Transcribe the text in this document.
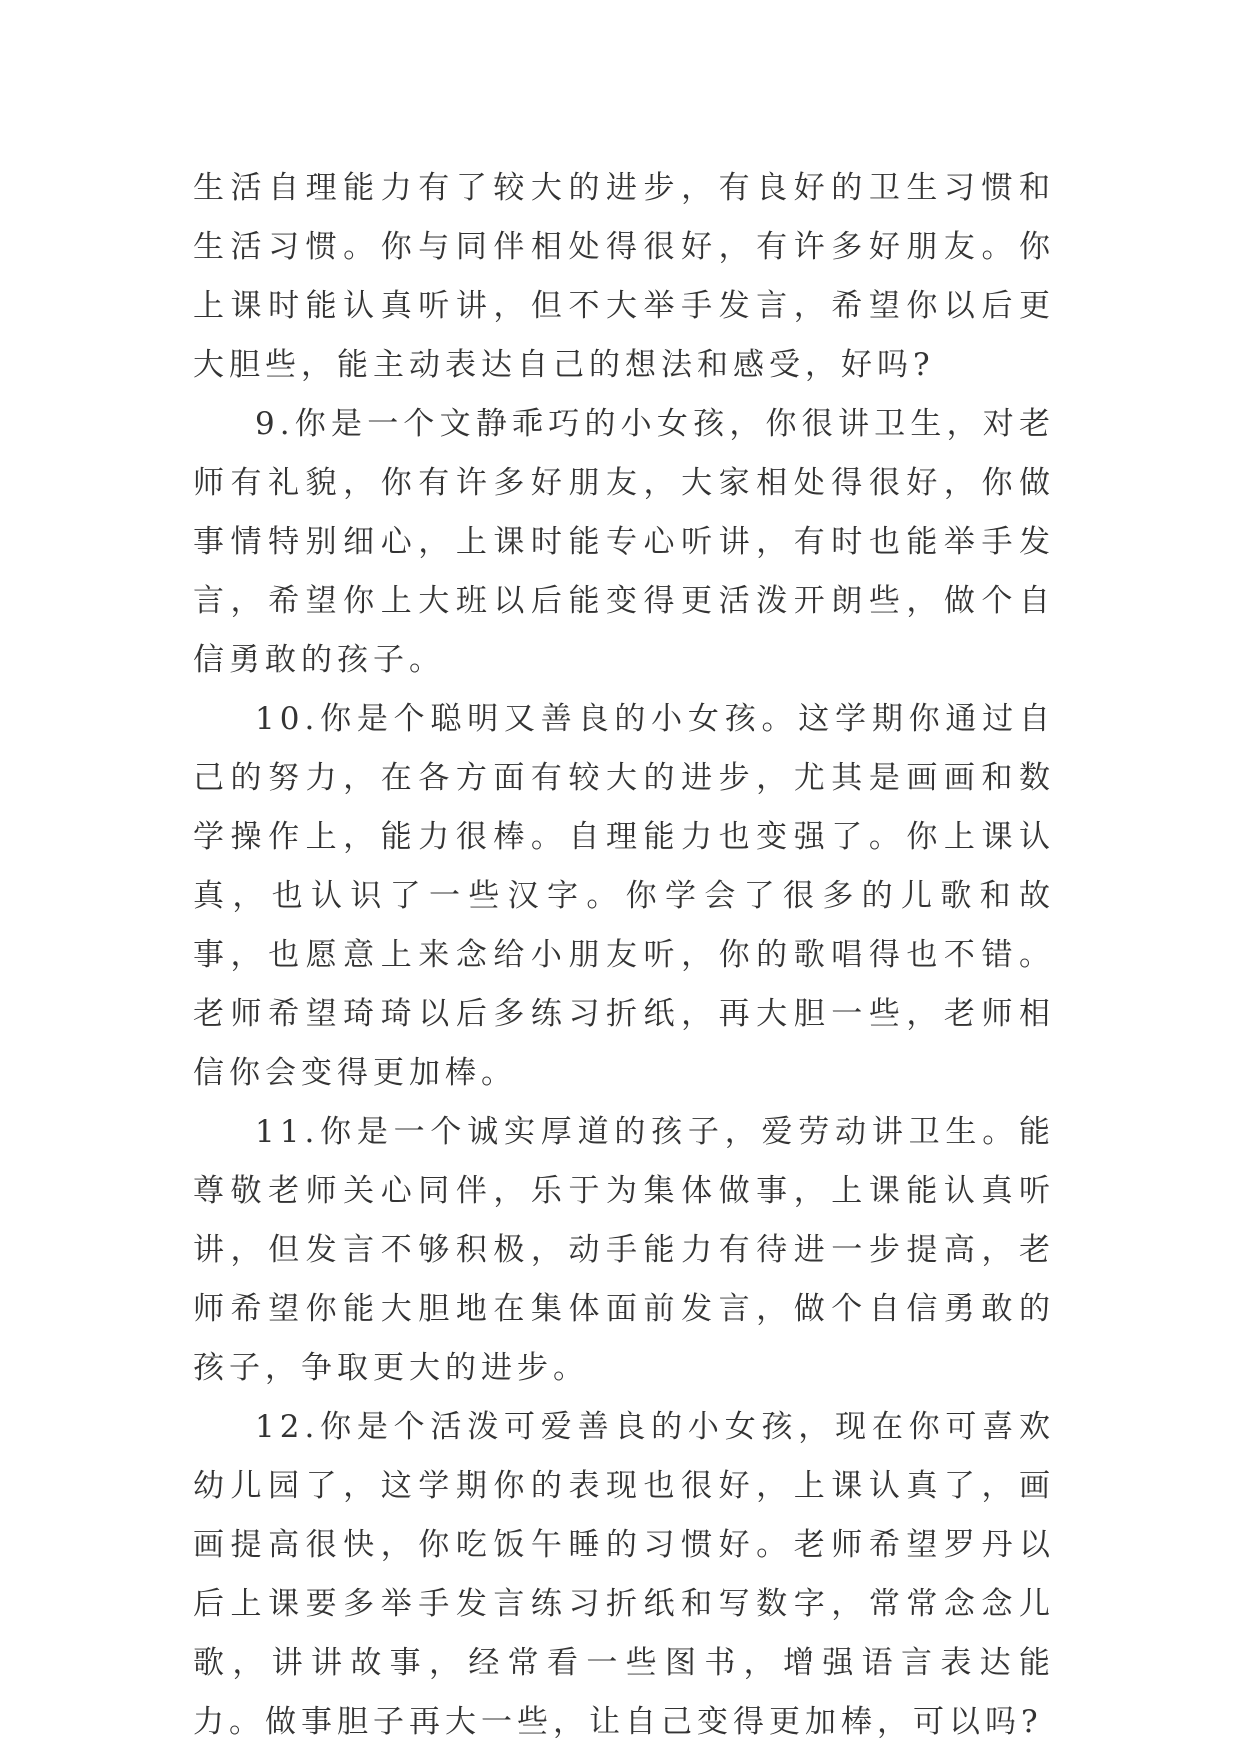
生活自理能力有了较大的进步，有良好的卫生习惯和生活习惯。你与同伴相处得很好，有许多好朋友。你上课时能认真听讲，但不大举手发言，希望你以后更大胆些，能主动表达自己的想法和感受，好吗?

9.你是一个文静乖巧的小女孩，你很讲卫生，对老师有礼貌，你有许多好朋友，大家相处得很好，你做事情特别细心，上课时能专心听讲，有时也能举手发言，希望你上大班以后能变得更活泼开朗些，做个自信勇敢的孩子。

10.你是个聪明又善良的小女孩。这学期你通过自己的努力，在各方面有较大的进步，尤其是画画和数学操作上，能力很棒。自理能力也变强了。你上课认真，也认识了一些汉字。你学会了很多的儿歌和故事，也愿意上来念给小朋友听，你的歌唱得也不错。老师希望琦琦以后多练习折纸，再大胆一些，老师相信你会变得更加棒。

11.你是一个诚实厚道的孩子，爱劳动讲卫生。能尊敬老师关心同伴，乐于为集体做事，上课能认真听讲，但发言不够积极，动手能力有待进一步提高，老师希望你能大胆地在集体面前发言，做个自信勇敢的孩子，争取更大的进步。

12.你是个活泼可爱善良的小女孩，现在你可喜欢幼儿园了，这学期你的表现也很好，上课认真了，画画提高很快，你吃饭午睡的习惯好。老师希望罗丹以后上课要多举手发言练习折纸和写数字，常常念念儿歌，讲讲故事，经常看一些图书，增强语言表达能力。做事胆子再大一些，让自己变得更加棒，可以吗?
